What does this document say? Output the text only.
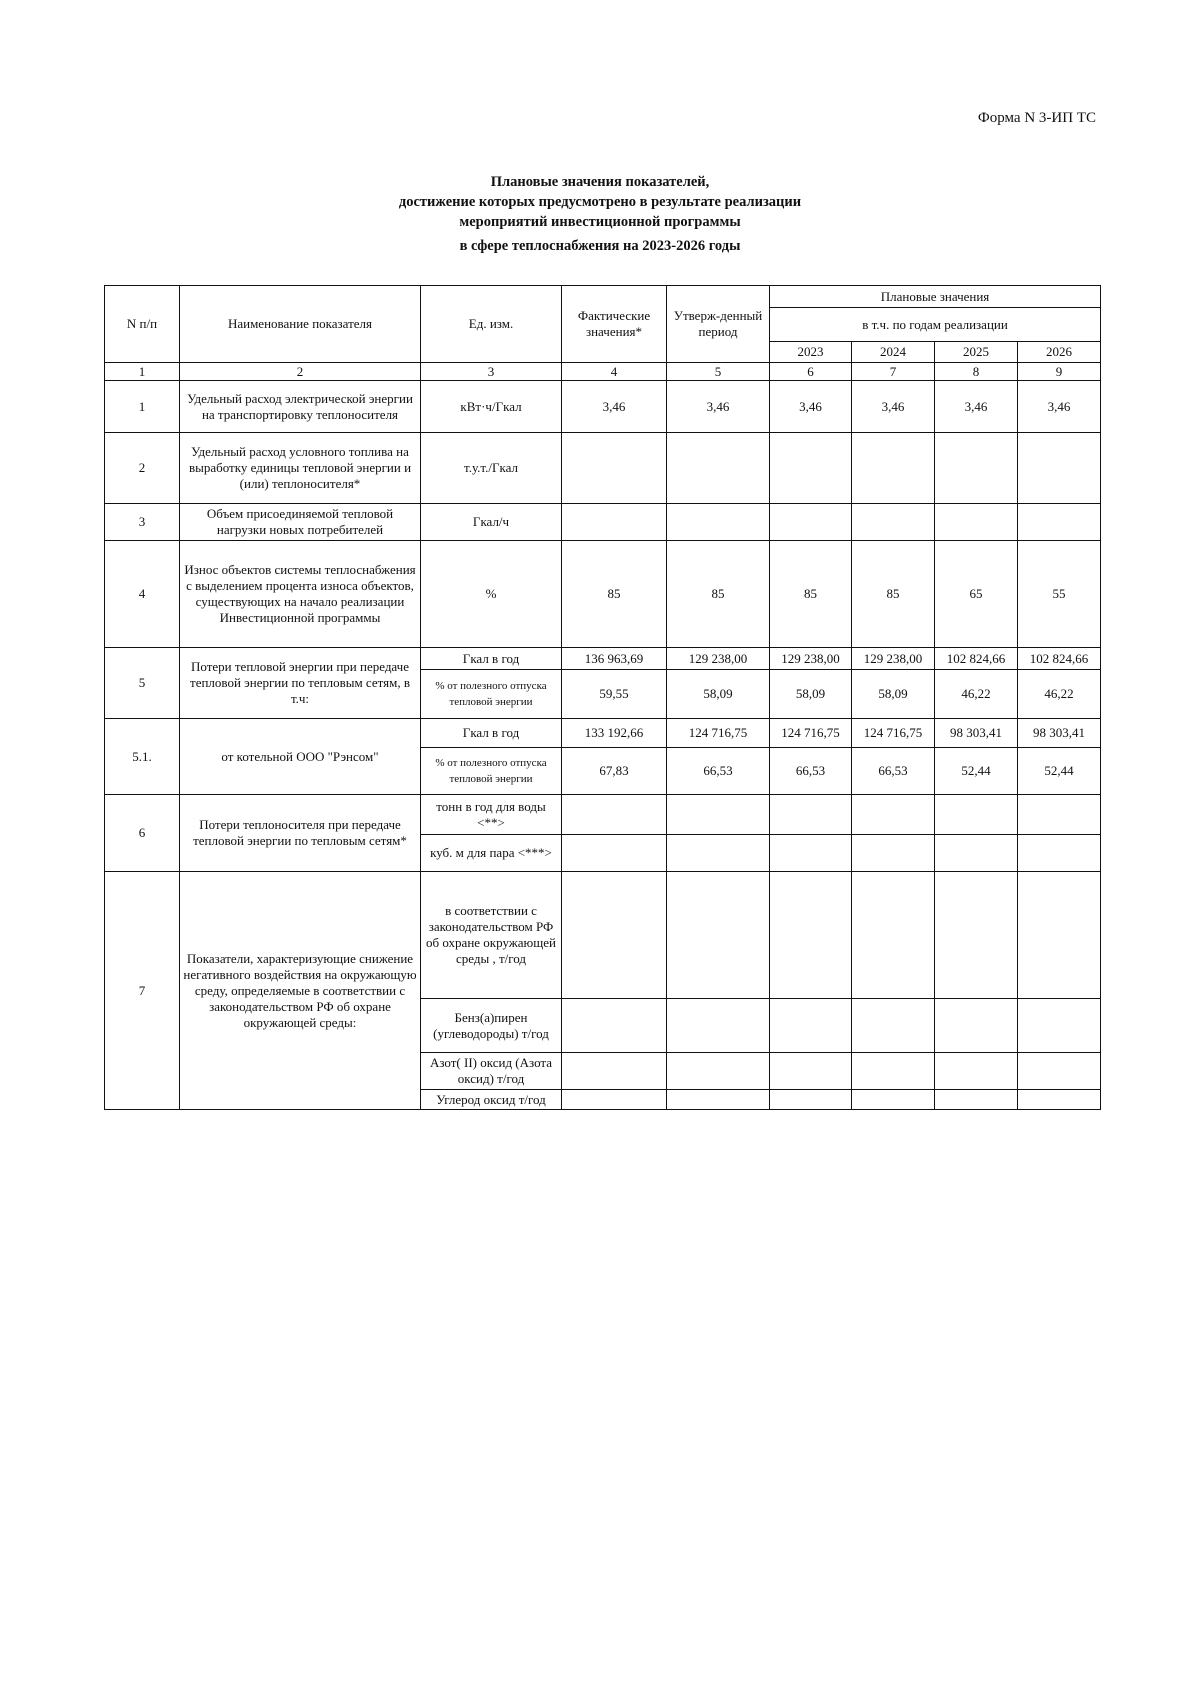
Форма N 3-ИП ТС
Плановые значения показателей,
достижение которых предусмотрено в результате реализации
мероприятий инвестиционной программы
в сфере теплоснабжения на 2023-2026 годы
N п/п	Наименование показателя	Ед. изм.	Фактические значения*	Утверж-денный период	Плановые значения			
					в т.ч. по годам реализации			
					2023	2024	2025	2026
1	2	3	4	5	6	7	8	9
1	Удельный расход электрической энергии на транспортировку теплоносителя	кВт·ч/Гкал	3,46	3,46	3,46	3,46	3,46	3,46
2	Удельный расход условного топлива на выработку единицы тепловой энергии и (или) теплоносителя*	т.у.т./Гкал						
3	Объем присоединяемой тепловой нагрузки новых потребителей	Гкал/ч						
4	Износ объектов системы теплоснабжения с выделением процента износа объектов, существующих на начало реализации Инвестиционной программы	%	85	85	85	85	65	55
5	Потери тепловой энергии при передаче тепловой энергии по тепловым сетям, в т.ч:	Гкал в год	136 963,69	129 238,00	129 238,00	129 238,00	102 824,66	102 824,66
		% от полезного отпуска тепловой энергии	59,55	58,09	58,09	58,09	46,22	46,22
5.1.	от котельной ООО "Рэнсом"	Гкал в год	133 192,66	124 716,75	124 716,75	124 716,75	98 303,41	98 303,41
		% от полезного отпуска тепловой энергии	67,83	66,53	66,53	66,53	52,44	52,44
6	Потери теплоносителя при передаче тепловой энергии по тепловым сетям*	тонн в год для воды <**>						
		куб. м для пара <***>						
7	Показатели, характеризующие снижение негативного воздействия на окружающую среду, определяемые в соответствии с законодательством РФ об охране окружающей среды:	в соответствии с законодательством РФ об охране окружающей среды , т/год						
		Бенз(а)пирен (углеводороды) т/год						
		Азот( II) оксид (Азота оксид) т/год						
		Углерод оксид т/год						
